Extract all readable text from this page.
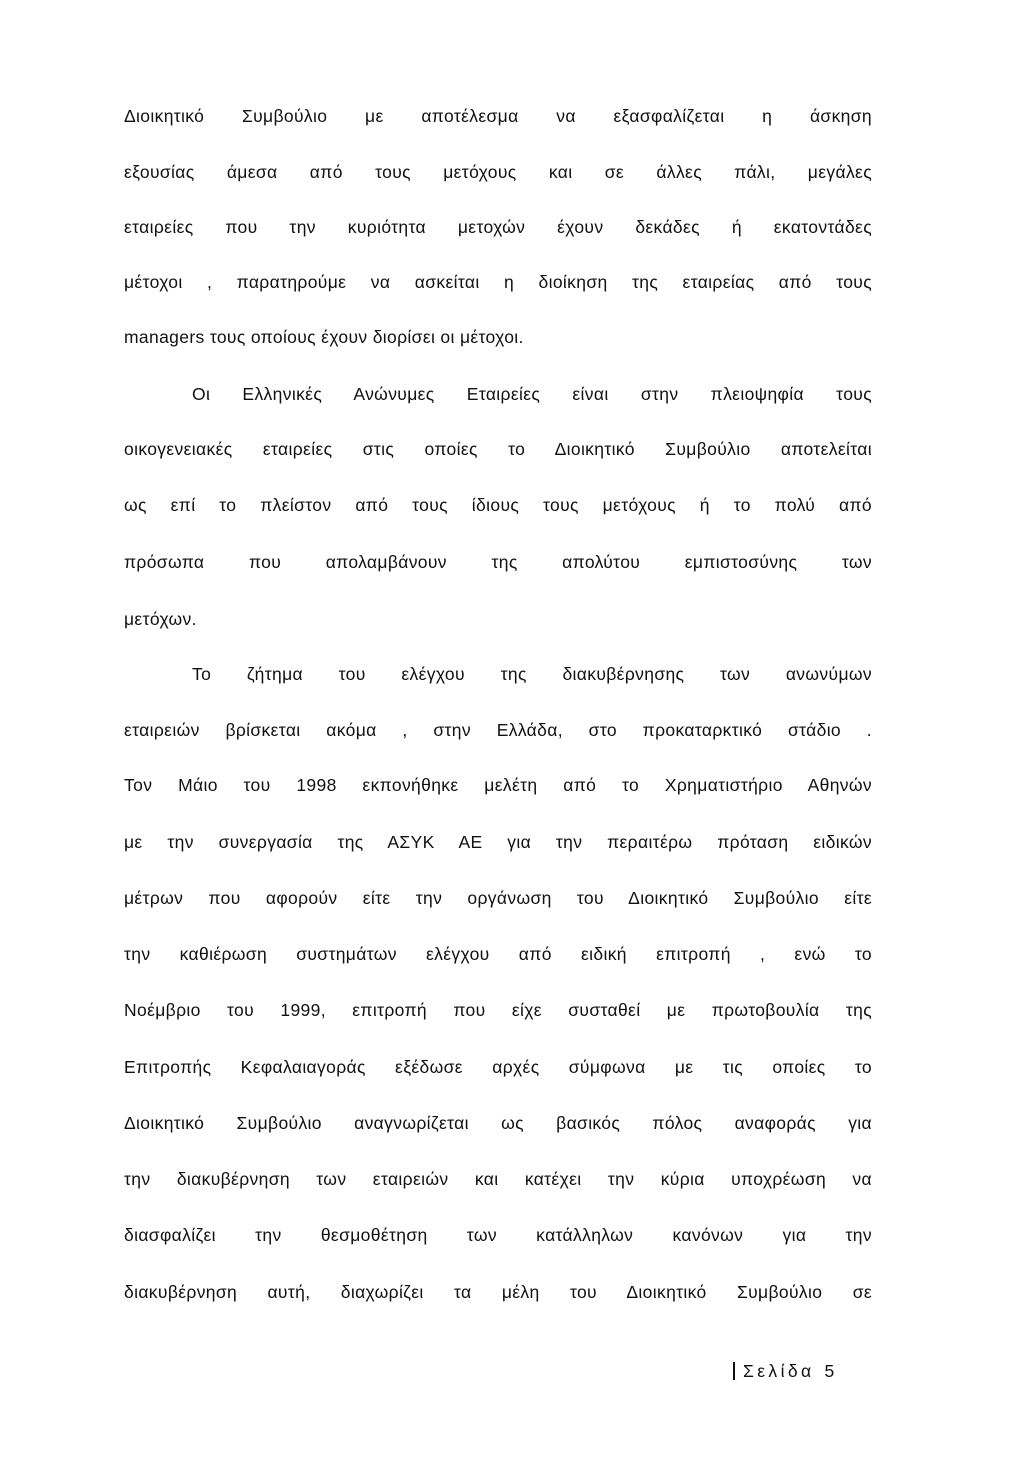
Διοικητικό Συμβούλιο με αποτέλεσμα να εξασφαλίζεται η άσκηση
εξουσίας άμεσα από τους μετόχους και σε άλλες πάλι, μεγάλες
εταιρείες που την κυριότητα μετοχών έχουν δεκάδες ή εκατοντάδες
μέτοχοι , παρατηρούμε να ασκείται η διοίκηση της εταιρείας από τους
managers τους οποίους έχουν διορίσει οι μέτοχοι.
Οι Ελληνικές Ανώνυμες Εταιρείες είναι στην πλειοψηφία τους
οικογενειακές εταιρείες στις οποίες το Διοικητικό Συμβούλιο αποτελείται
ως επί το πλείστον από τους ίδιους τους μετόχους ή το πολύ από
πρόσωπα που απολαμβάνουν της απολύτου εμπιστοσύνης των
μετόχων.
Το ζήτημα του ελέγχου της διακυβέρνησης των ανωνύμων
εταιρειών βρίσκεται ακόμα , στην Ελλάδα, στο προκαταρκτικό στάδιο .
Τον Μάιο του 1998 εκπονήθηκε μελέτη από το Χρηματιστήριο Αθηνών
με την συνεργασία της ΑΣΥΚ ΑΕ για την περαιτέρω πρόταση ειδικών
μέτρων που αφορούν είτε την οργάνωση του Διοικητικό Συμβούλιο είτε
την καθιέρωση συστημάτων ελέγχου από ειδική επιτροπή , ενώ το
Νοέμβριο του 1999, επιτροπή που είχε συσταθεί με πρωτοβουλία της
Επιτροπής Κεφαλαιαγοράς εξέδωσε αρχές σύμφωνα με τις οποίες το
Διοικητικό Συμβούλιο αναγνωρίζεται ως βασικός πόλος αναφοράς για
την διακυβέρνηση των εταιρειών και κατέχει την κύρια υποχρέωση να
διασφαλίζει την θεσμοθέτηση των κατάλληλων κανόνων για την
διακυβέρνηση αυτή, διαχωρίζει τα μέλη του Διοικητικό Συμβούλιο σε
Σελίδα 5
